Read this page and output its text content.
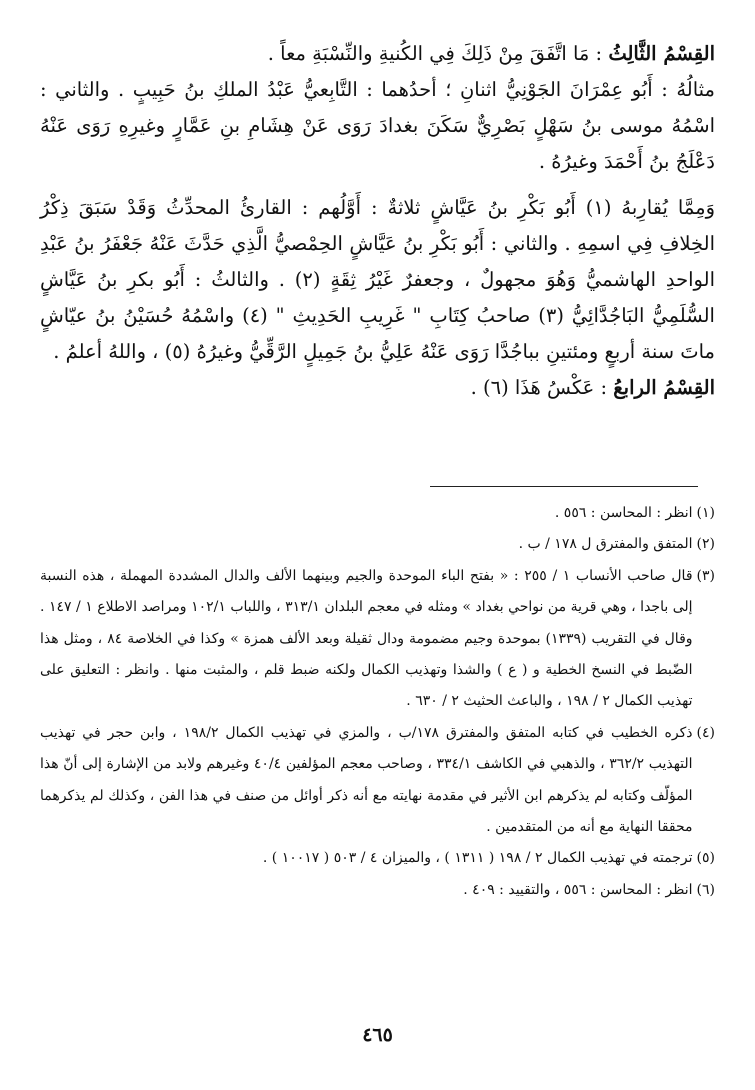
القِسْمُ الثَّالِثُ : مَا اتَّفَقَ مِنْ ذَلِكَ فِي الكُنيةِ والنِّسْبَةِ معاً .

مثالُهُ : أَبُو عِمْرَانَ الجَوْنِيُّ اثنانِ ؛ أحدُهما : التَّابِعيُّ عَبْدُ الملكِ بنُ حَبِيبٍ . والثاني : اسْمُهُ موسى بنُ سَهْلٍ بَصْرِيٌّ سَكَنَ بغدادَ رَوَى عَنْ هِشَامِ بنِ عَمَّارٍ وغيرِهِ رَوَى عَنْهُ دَعْلَجُ بنُ أَحْمَدَ وغيرُهُ .

وَمِمَّا يُقارِبهُ (١) أَبُو بَكْرِ بنُ عَيَّاشٍ ثلاثةٌ : أَوَّلُهم : القارئُ المحدِّثُ وَقَدْ سَبَقَ ذِكْرُ الخِلافِ فِي اسمِهِ . والثاني : أَبُو بَكْرِ بنُ عَيَّاشٍ الحِمْصيُّ الَّذِي حَدَّثَ عَنْهُ جَعْفَرُ بنُ عَبْدِ الواحدِ الهاشميُّ وَهُوَ مجهولٌ ، وجعفرٌ غَيْرُ ثِقَةٍ (٢) . والثالثُ : أَبُو بكرِ بنُ عَيَّاشٍ السُّلَمِيُّ البَاجُدَّائِيُّ (٣) صاحبُ كِتَابِ " غَرِيبِ الحَدِيثِ " (٤) واسْمُهُ حُسَيْنُ بنُ عيّاشٍ ماتَ سنة أربعٍ ومئتينِ بباجُدَّا رَوَى عَنْهُ عَلِيُّ بنُ جَمِيلٍ الرَّقِّيُّ وغيرُهُ (٥) ، واللهُ أعلمُ .

القِسْمُ الرابعُ : عَكْسُ هَذَا (٦) .

(١)
انظر : المحاسن : ٥٥٦ .
(٢)
المتفق والمفترق ل ١٧٨ / ب .
(٣)
قال صاحب الأنساب ١ / ٢٥٥ : « بفتح الباء الموحدة والجيم وبينهما الألف والدال المشددة المهملة ، هذه النسبة إلى باجدا ، وهي قرية من نواحي بغداد » ومثله في معجم البلدان ٣١٣/١ ، واللباب ١٠٢/١ ومراصد الاطلاع ١ / ١٤٧ . وقال في التقريب (١٣٣٩) بموحدة وجيم مضمومة ودال ثقيلة وبعد الألف همزة » وكذا في الخلاصة ٨٤ ، ومثل هذا الضّبط في النسخ الخطية و ( ع ) والشذا وتهذيب الكمال ولكنه ضبط قلم ، والمثبت منها . وانظر : التعليق على تهذيب الكمال ٢ / ١٩٨ ، والباعث الحثيث ٢ / ٦٣٠ .
(٤)
ذكره الخطيب في كتابه المتفق والمفترق ١٧٨/ب ، والمزي في تهذيب الكمال ١٩٨/٢ ، وابن حجر في تهذيب التهذيب ٣٦٢/٢ ، والذهبي في الكاشف ٣٣٤/١ ، وصاحب معجم المؤلفين ٤٠/٤ وغيرهم ولابد من الإشارة إلى أنّ هذا المؤلّف وكتابه لم يذكرهم ابن الأثير في مقدمة نهايته مع أنه ذكر أوائل من صنف في هذا الفن ، وكذلك لم يذكرهما محققا النهاية مع أنه من المتقدمين .
(٥)
ترجمته في تهذيب الكمال ٢ / ١٩٨ ( ١٣١١ ) ، والميزان ٤ / ٥٠٣ ( ١٠٠١٧ ) .
(٦)
انظر : المحاسن : ٥٥٦ ، والتقييد : ٤٠٩ .
٤٦٥
